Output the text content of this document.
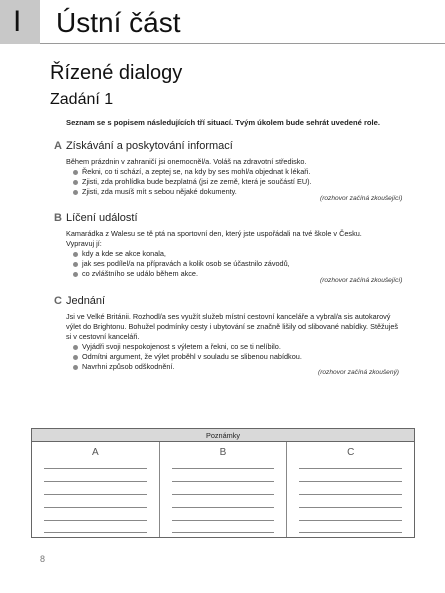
I Ústní část
Řízené dialogy
Zadání 1
Seznam se s popisem následujících tří situací. Tvým úkolem bude sehrát uvedené role.
A Získávání a poskytování informací

Během prázdnin v zahraničí jsi onemocněl/a. Voláš na zdravotní středisko.

Řekni, co ti schází, a zeptej se, na kdy by ses mohl/a objednat k lékaři.
Zjisti, zda prohlídka bude bezplatná (jsi ze země, která je součástí EU).
Zjisti, zda musíš mít s sebou nějaké dokumenty.
(rozhovor začíná zkoušející)
B Líčení událostí

Kamarádka z Walesu se tě ptá na sportovní den, který jste uspořádali na tvé škole v Česku.

Vypravuj jí:

kdy a kde se akce konala,
jak ses podílel/a na přípravách a kolik osob se účastnilo závodů,
co zvláštního se událo během akce.
(rozhovor začíná zkoušející)
C Jednání

Jsi ve Velké Británii. Rozhodl/a ses využít služeb místní cestovní kanceláře a vybral/a sis autokarový

výlet do Brightonu. Bohužel podmínky cesty i ubytování se značně lišily od slibované nabídky. Stěžuješ

si v cestovní kanceláři.

Vyjádři svoji nespokojenost s výletem a řekni, co se ti nelíbilo.
Odmítni argument, že výlet proběhl v souladu se slibenou nabídkou.
Navrhni způsob odškodnění.
(rozhovor začíná zkoušený)
Poznámky
A	B	C
8
